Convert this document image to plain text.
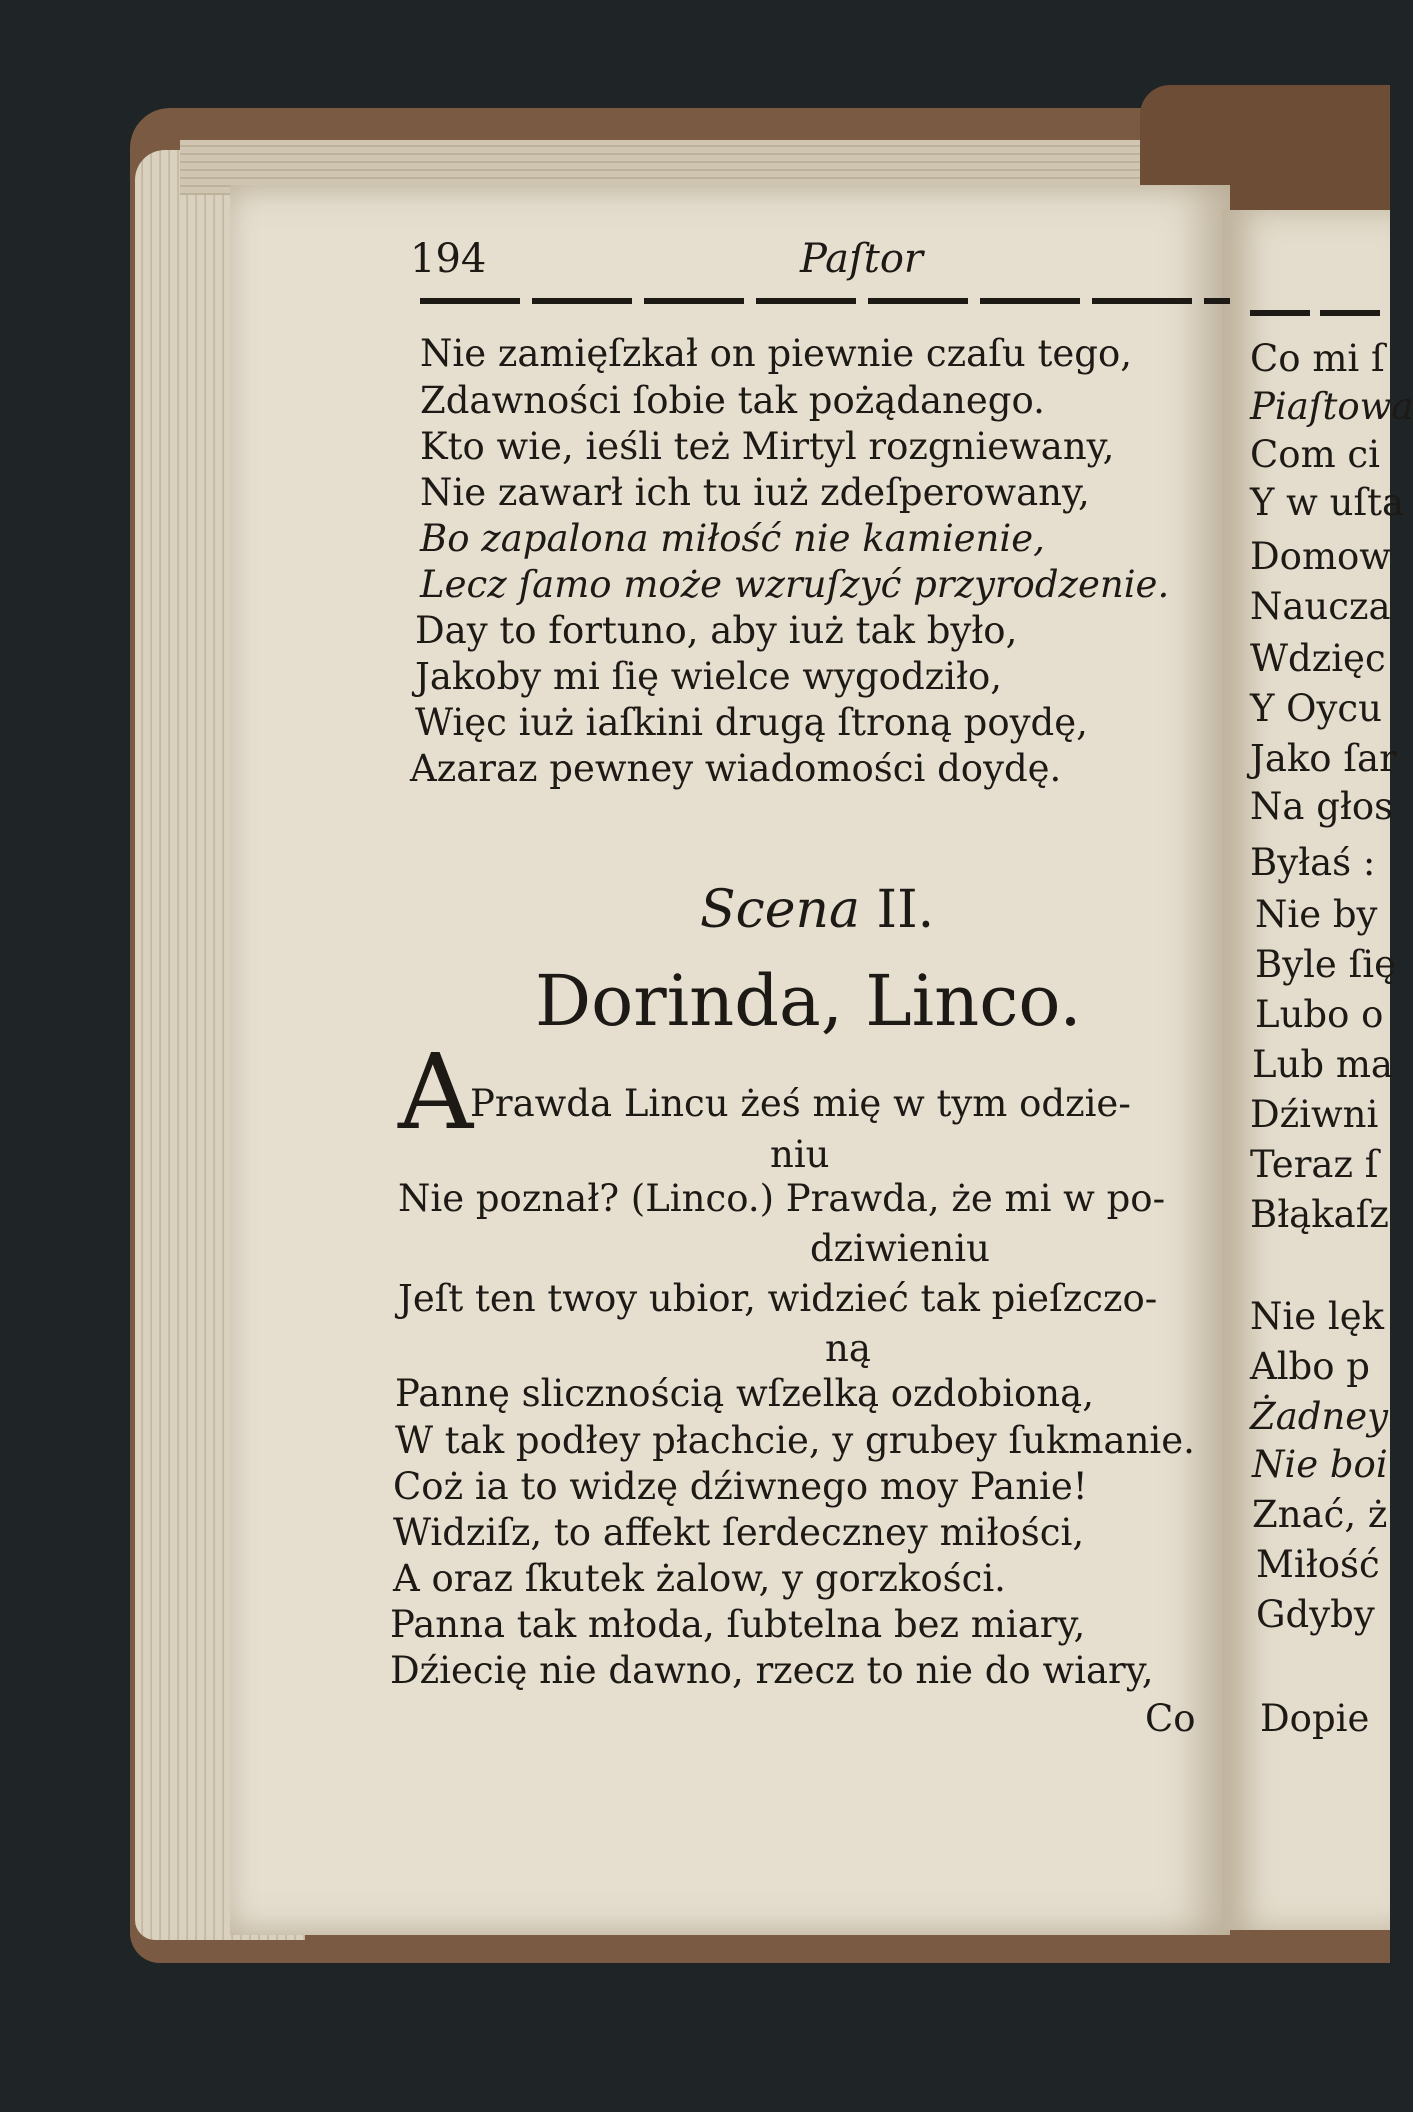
194	Paſtor
Nie zamięſzkał on piewnie czaſu tego,
Zdawności ſobie tak pożądanego.
Kto wie, ieśli też Mirtyl rozgniewany,
Nie zawarł ich tu iuż zdeſperowany,
Bo zapalona miłość nie kamienie,
Lecz ſamo może wzruſzyć przyrodzenie.
Day to fortuno, aby iuż tak było,
Jakoby mi ſię wielce wygodziło,
Więc iuż iaſkini drugą ſtroną poydę,
Azaraz pewney wiadomości doydę.
Scena II.
Dorinda, Linco.
A
Prawda Lincu żeś mię w tym odzie-
niu
Nie poznał? (Linco.) Prawda, że mi w po-
dziwieniu
Jeſt ten twoy ubior, widzieć tak pieſzczo-
ną
Pannę slicznością wſzelką ozdobioną,
W tak podłey płachcie, y grubey ſukmanie.
Coż ia to widzę dźiwnego moy Panie!
Widziſz, to affekt ſerdeczney miłości,
A oraz ſkutek żalow, y gorzkości.
Panna tak młoda, ſubtelna bez miary,
Dźiecię nie dawno, rzecz to nie do wiary,
Co
Co mi ſ
Piaſtowa
Com ci
Y w uſta
Domow
Naucza
Wdzięc
Y Oycu
Jako ſar
Na głos
Byłaś :
Nie by
Byle ſię
Lubo o
Lub ma
Dźiwni
Teraz ſ
Błąkaſz
Nie lęk
Albo p
Żadney
Nie boi
Znać, ż
Miłość
Gdyby
Dopie
